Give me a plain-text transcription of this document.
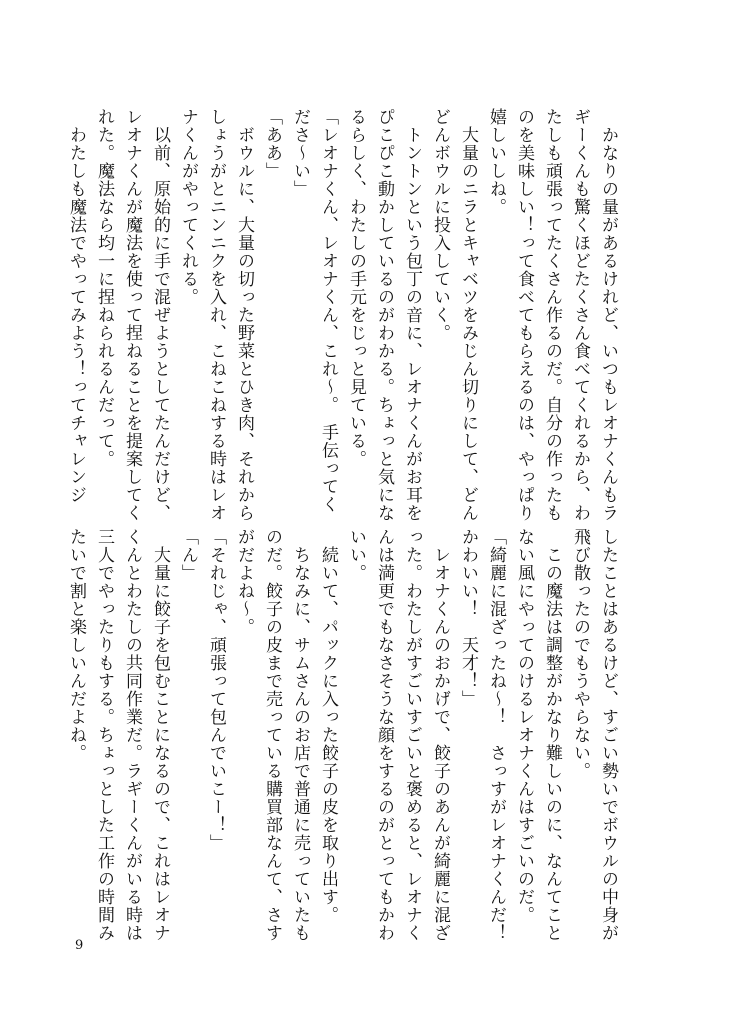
　かなりの量があるけれど、いつもレオナくんもラ
ギーくんも驚くほどたくさん食べてくれるから、わ
たしも頑張ってたくさん作るのだ。自分の作ったも
のを美味しい！って食べてもらえるのは、やっぱり
嬉しいしね。
　大量のニラとキャベツをみじん切りにして、どん
どんボウルに投入していく。
　トントンという包丁の音に、レオナくんがお耳を
ぴこぴこ動かしているのがわかる。ちょっと気にな
るらしく、わたしの手元をじっと見ている。
「レオナくん、レオナくん、これ〜。　手伝ってく
ださ〜い」
「ああ」
　ボウルに、大量の切った野菜とひき肉、それから
しょうがとニンニクを入れ、こねこねする時はレオ
ナくんがやってくれる。
　以前、原始的に手で混ぜようとしてたんだけど、
レオナくんが魔法を使って捏ねることを提案してく
れた。魔法なら均一に捏ねられるんだって。
　わたしも魔法でやってみよう！ってチャレンジ
したことはあるけど、すごい勢いでボウルの中身が
飛び散ったのでもうやらない。
　この魔法は調整がかなり難しいのに、なんてこと
ない風にやってのけるレオナくんはすごいのだ。
「綺麗に混ざったね〜！　さっすがレオナくんだ！
かわいい！　天才！」
　レオナくんのおかげで、餃子のあんが綺麗に混ざ
った。わたしがすごいすごいと褒めると、レオナく
んは満更でもなさそうな顔をするのがとってもかわ
いい。
　続いて、パックに入った餃子の皮を取り出す。
　ちなみに、サムさんのお店で普通に売っていたも
のだ。餃子の皮まで売っている購買部なんて、さす
がだよね〜。
「それじゃ、頑張って包んでいこー！」
「ん」
　大量に餃子を包むことになるので、これはレオナ
くんとわたしの共同作業だ。ラギーくんがいる時は
三人でやったりもする。ちょっとした工作の時間み
たいで割と楽しいんだよね。
9
